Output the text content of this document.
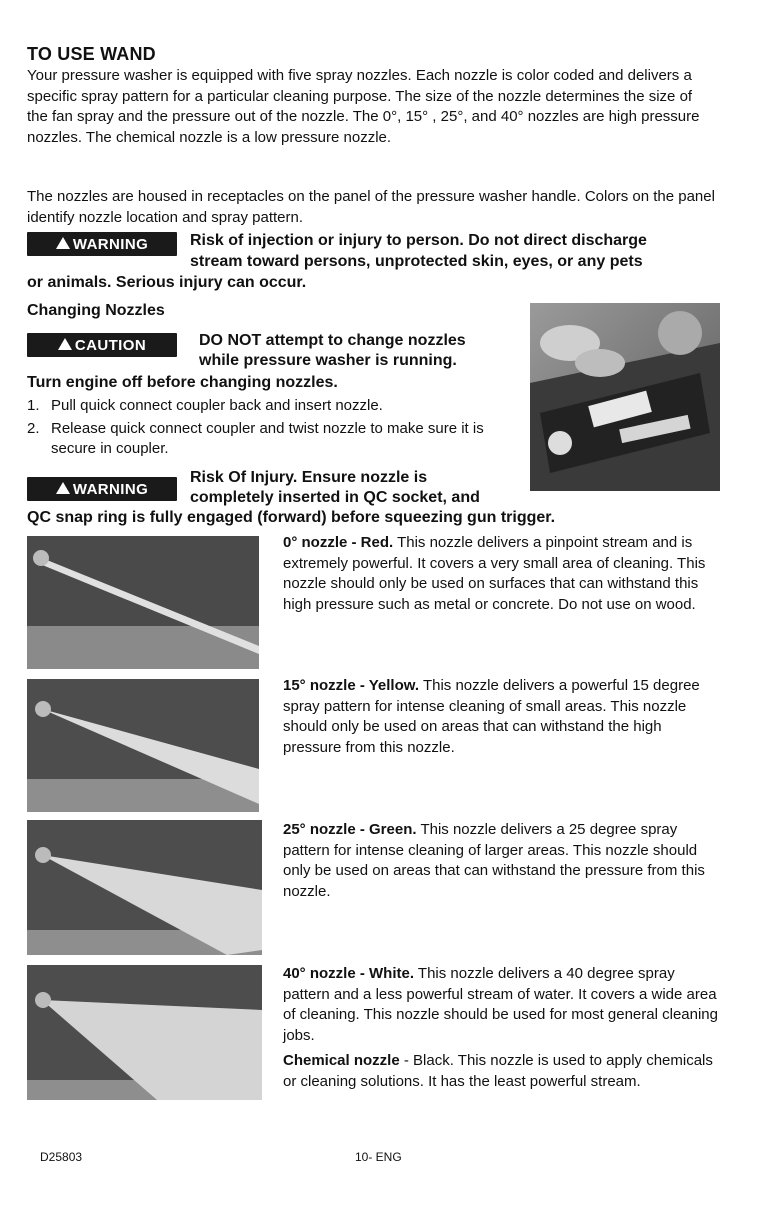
TO USE WAND
Your pressure washer is equipped with five spray nozzles. Each nozzle is color coded and delivers a specific spray pattern for a particular cleaning purpose. The size of the nozzle determines the size of the fan spray and the pressure out of the nozzle. The 0°, 15° , 25°, and 40° nozzles are high pressure nozzles. The chemical nozzle is a low pressure nozzle.
The nozzles are housed in receptacles on the panel of the pressure washer handle. Colors on the panel identify nozzle location and spray pattern.
WARNING	Risk of injection or injury to person. Do not direct discharge
stream toward persons, unprotected skin, eyes, or any pets
or animals. Serious injury can occur.
Changing Nozzles
CAUTION	DO NOT attempt to change nozzles
while pressure washer is running.
Turn engine off before changing nozzles.
1. Pull quick connect coupler back and insert nozzle.
2. Release quick connect coupler and twist nozzle to make sure it is secure in coupler.
WARNING
Risk Of Injury. Ensure nozzle is
completely inserted in QC socket, and
QC snap ring is fully engaged (forward) before squeezing gun trigger.
0° nozzle - Red. This nozzle delivers a pinpoint stream and is extremely powerful. It covers a very small area of cleaning. This nozzle should only be used on surfaces that can withstand this high pressure such as metal or concrete. Do not use on wood.
15° nozzle - Yellow. This nozzle delivers a powerful 15 degree spray pattern for intense cleaning of small areas. This nozzle should only be used on areas that can withstand the high pressure from this nozzle.
25° nozzle - Green. This nozzle delivers a 25 degree spray pattern for intense cleaning of larger areas. This nozzle should only be used on areas that can withstand the pressure from this nozzle.
40° nozzle - White. This nozzle delivers a 40 degree spray pattern and a less powerful stream of water. It covers a wide area of cleaning. This nozzle should be used for most general cleaning jobs.
Chemical nozzle - Black. This nozzle is used to apply chemicals or cleaning solutions. It has the least powerful stream.
D25803	10- ENG
